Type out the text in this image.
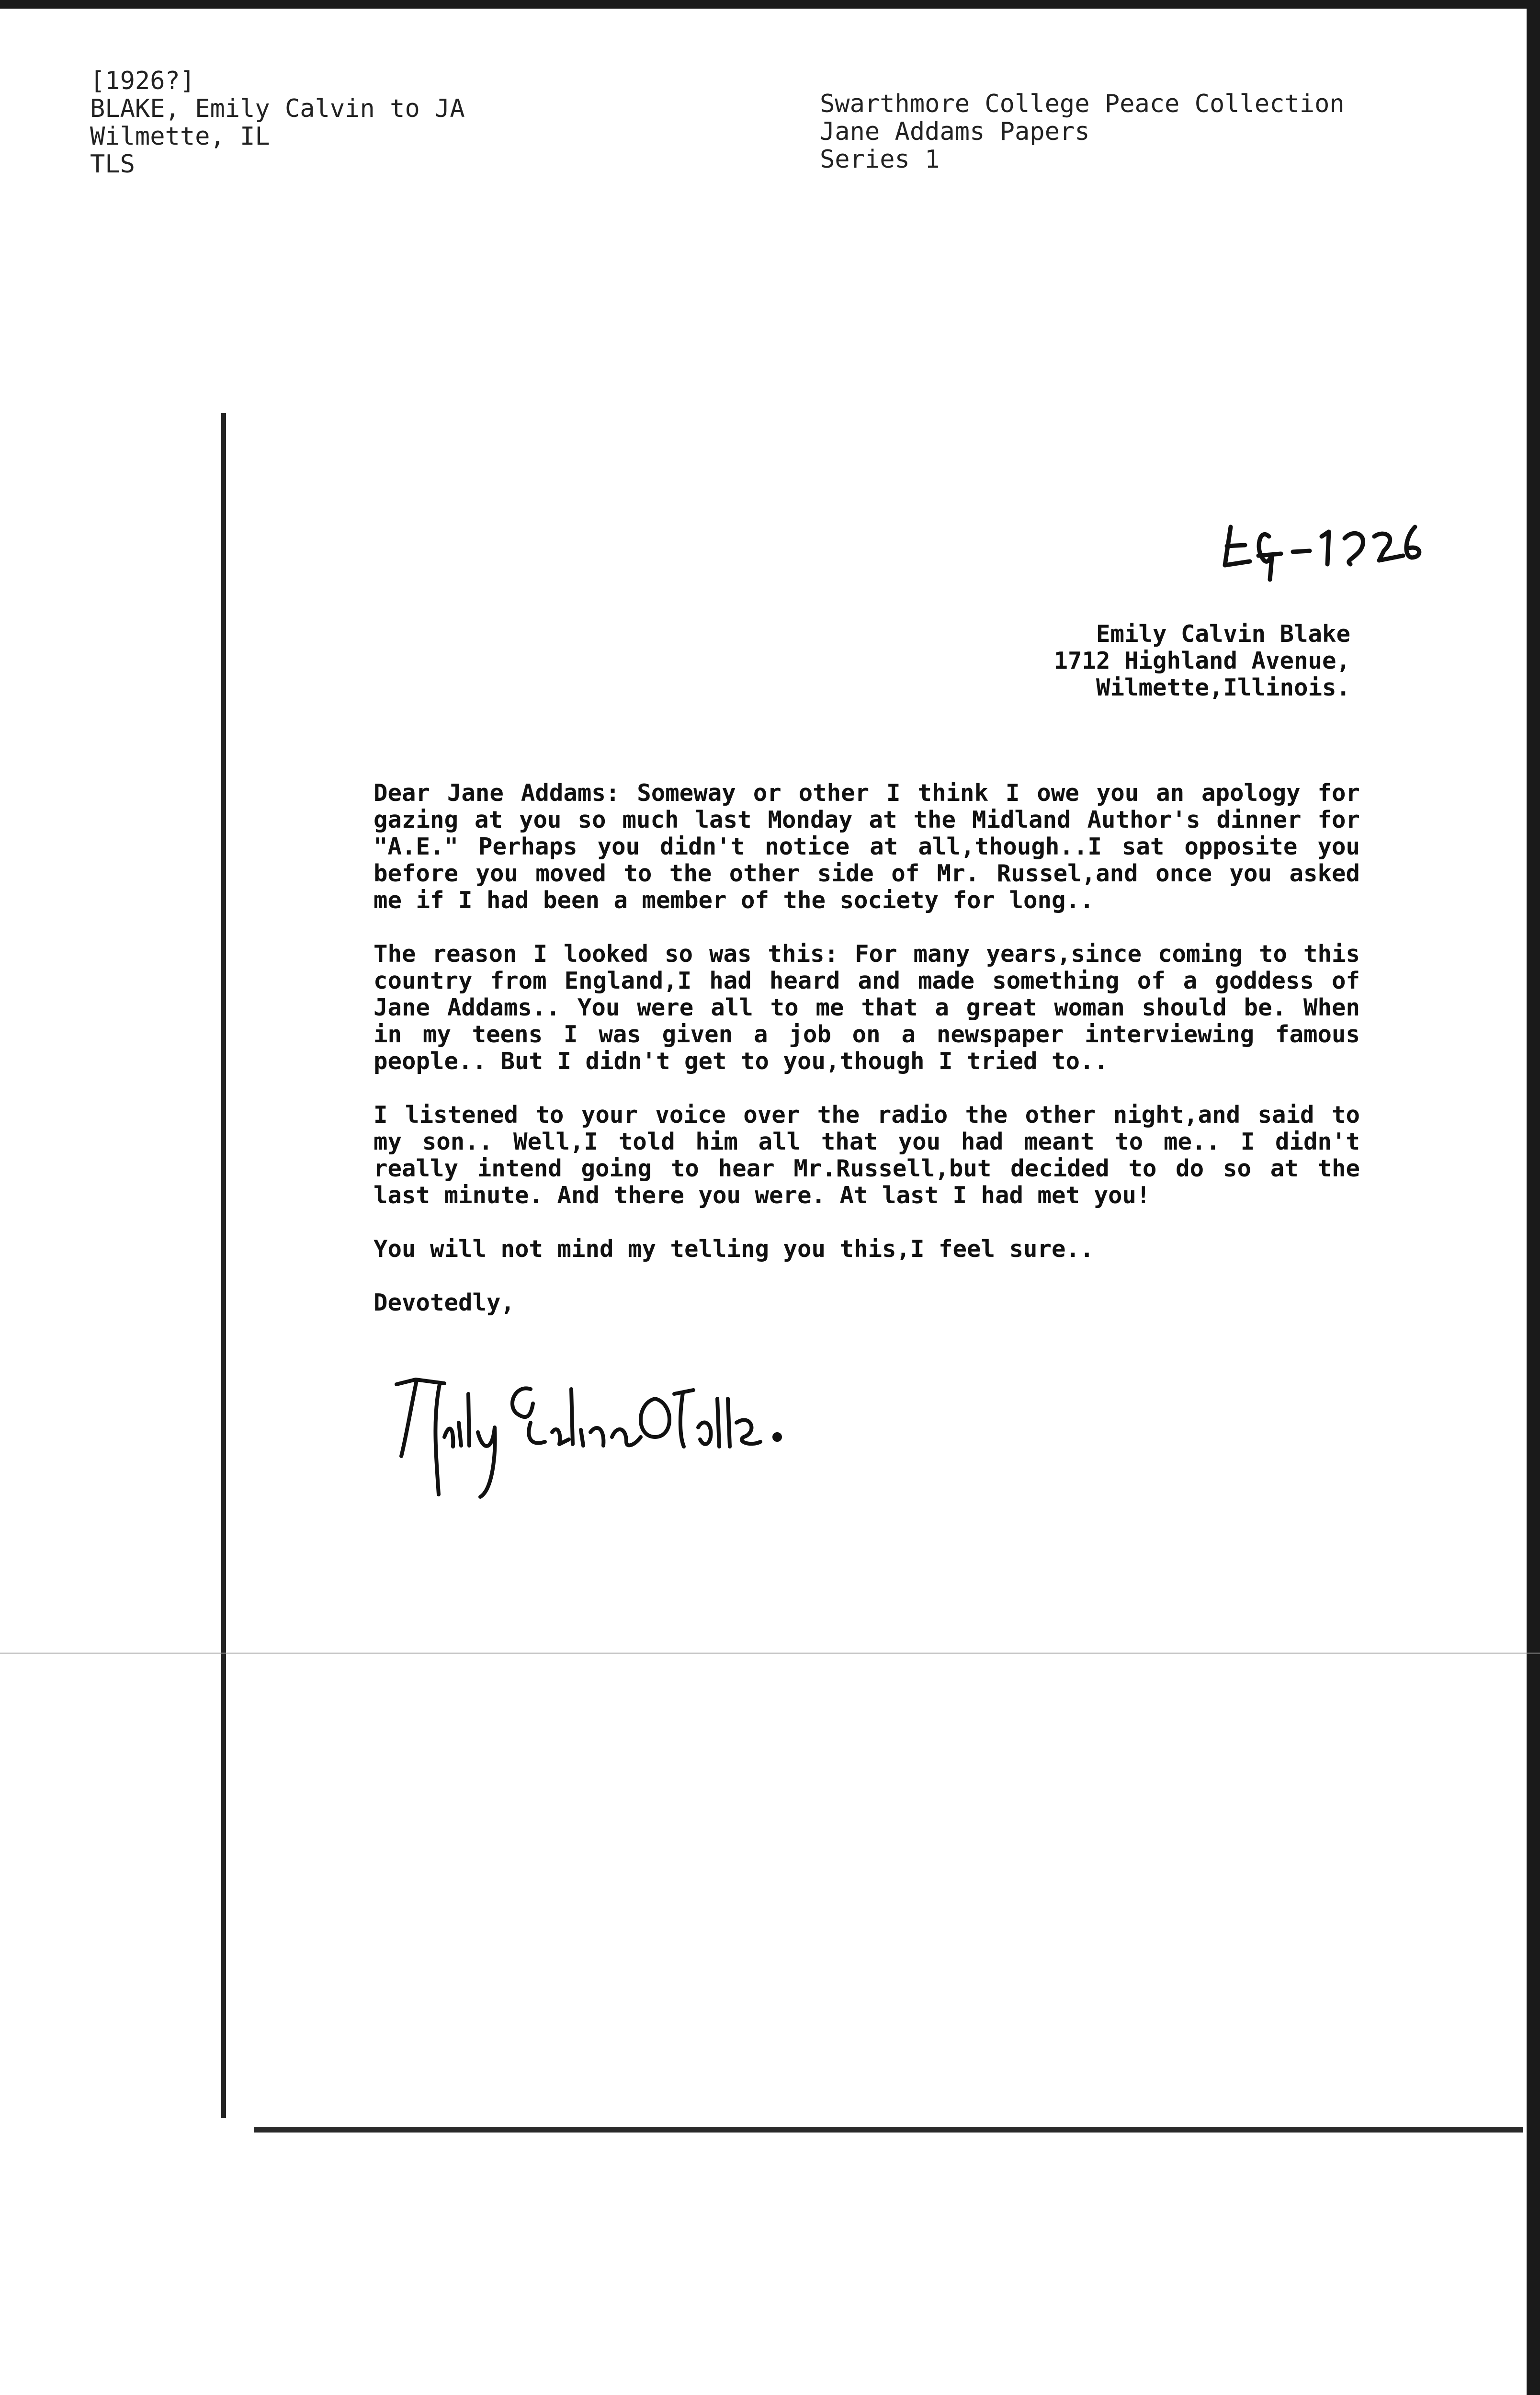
[1926?]
BLAKE, Emily Calvin to JA
Wilmette, IL
TLS
Swarthmore College Peace Collection
Jane Addams Papers
Series 1
Emily Calvin Blake
1712 Highland Avenue,
Wilmette,Illinois.

Dear Jane Addams: Someway or other I think I owe you an apology for gazing at you so much last Monday at the Midland Author's dinner for "A.E." Perhaps you didn't notice at all,though..I sat opposite you before you moved to the other side of Mr. Russel,and once you asked me if I had been a member of the society for long..

The reason I looked so was this: For many years,since coming to this country from England,I had heard and made something of a goddess of Jane Addams.. You were all to me that a great woman should be. When in my teens I was given a job on a newspaper interviewing famous people.. But I didn't get to you,though I tried to..

I listened to your voice over the radio the other night,and said to my son.. Well,I told him all that you had meant to me.. I didn't really intend going to hear Mr.Russell,but decided to do so at the last minute. And there you were. At last I had met you!

You will not mind my telling you this,I feel sure..

Devotedly,
